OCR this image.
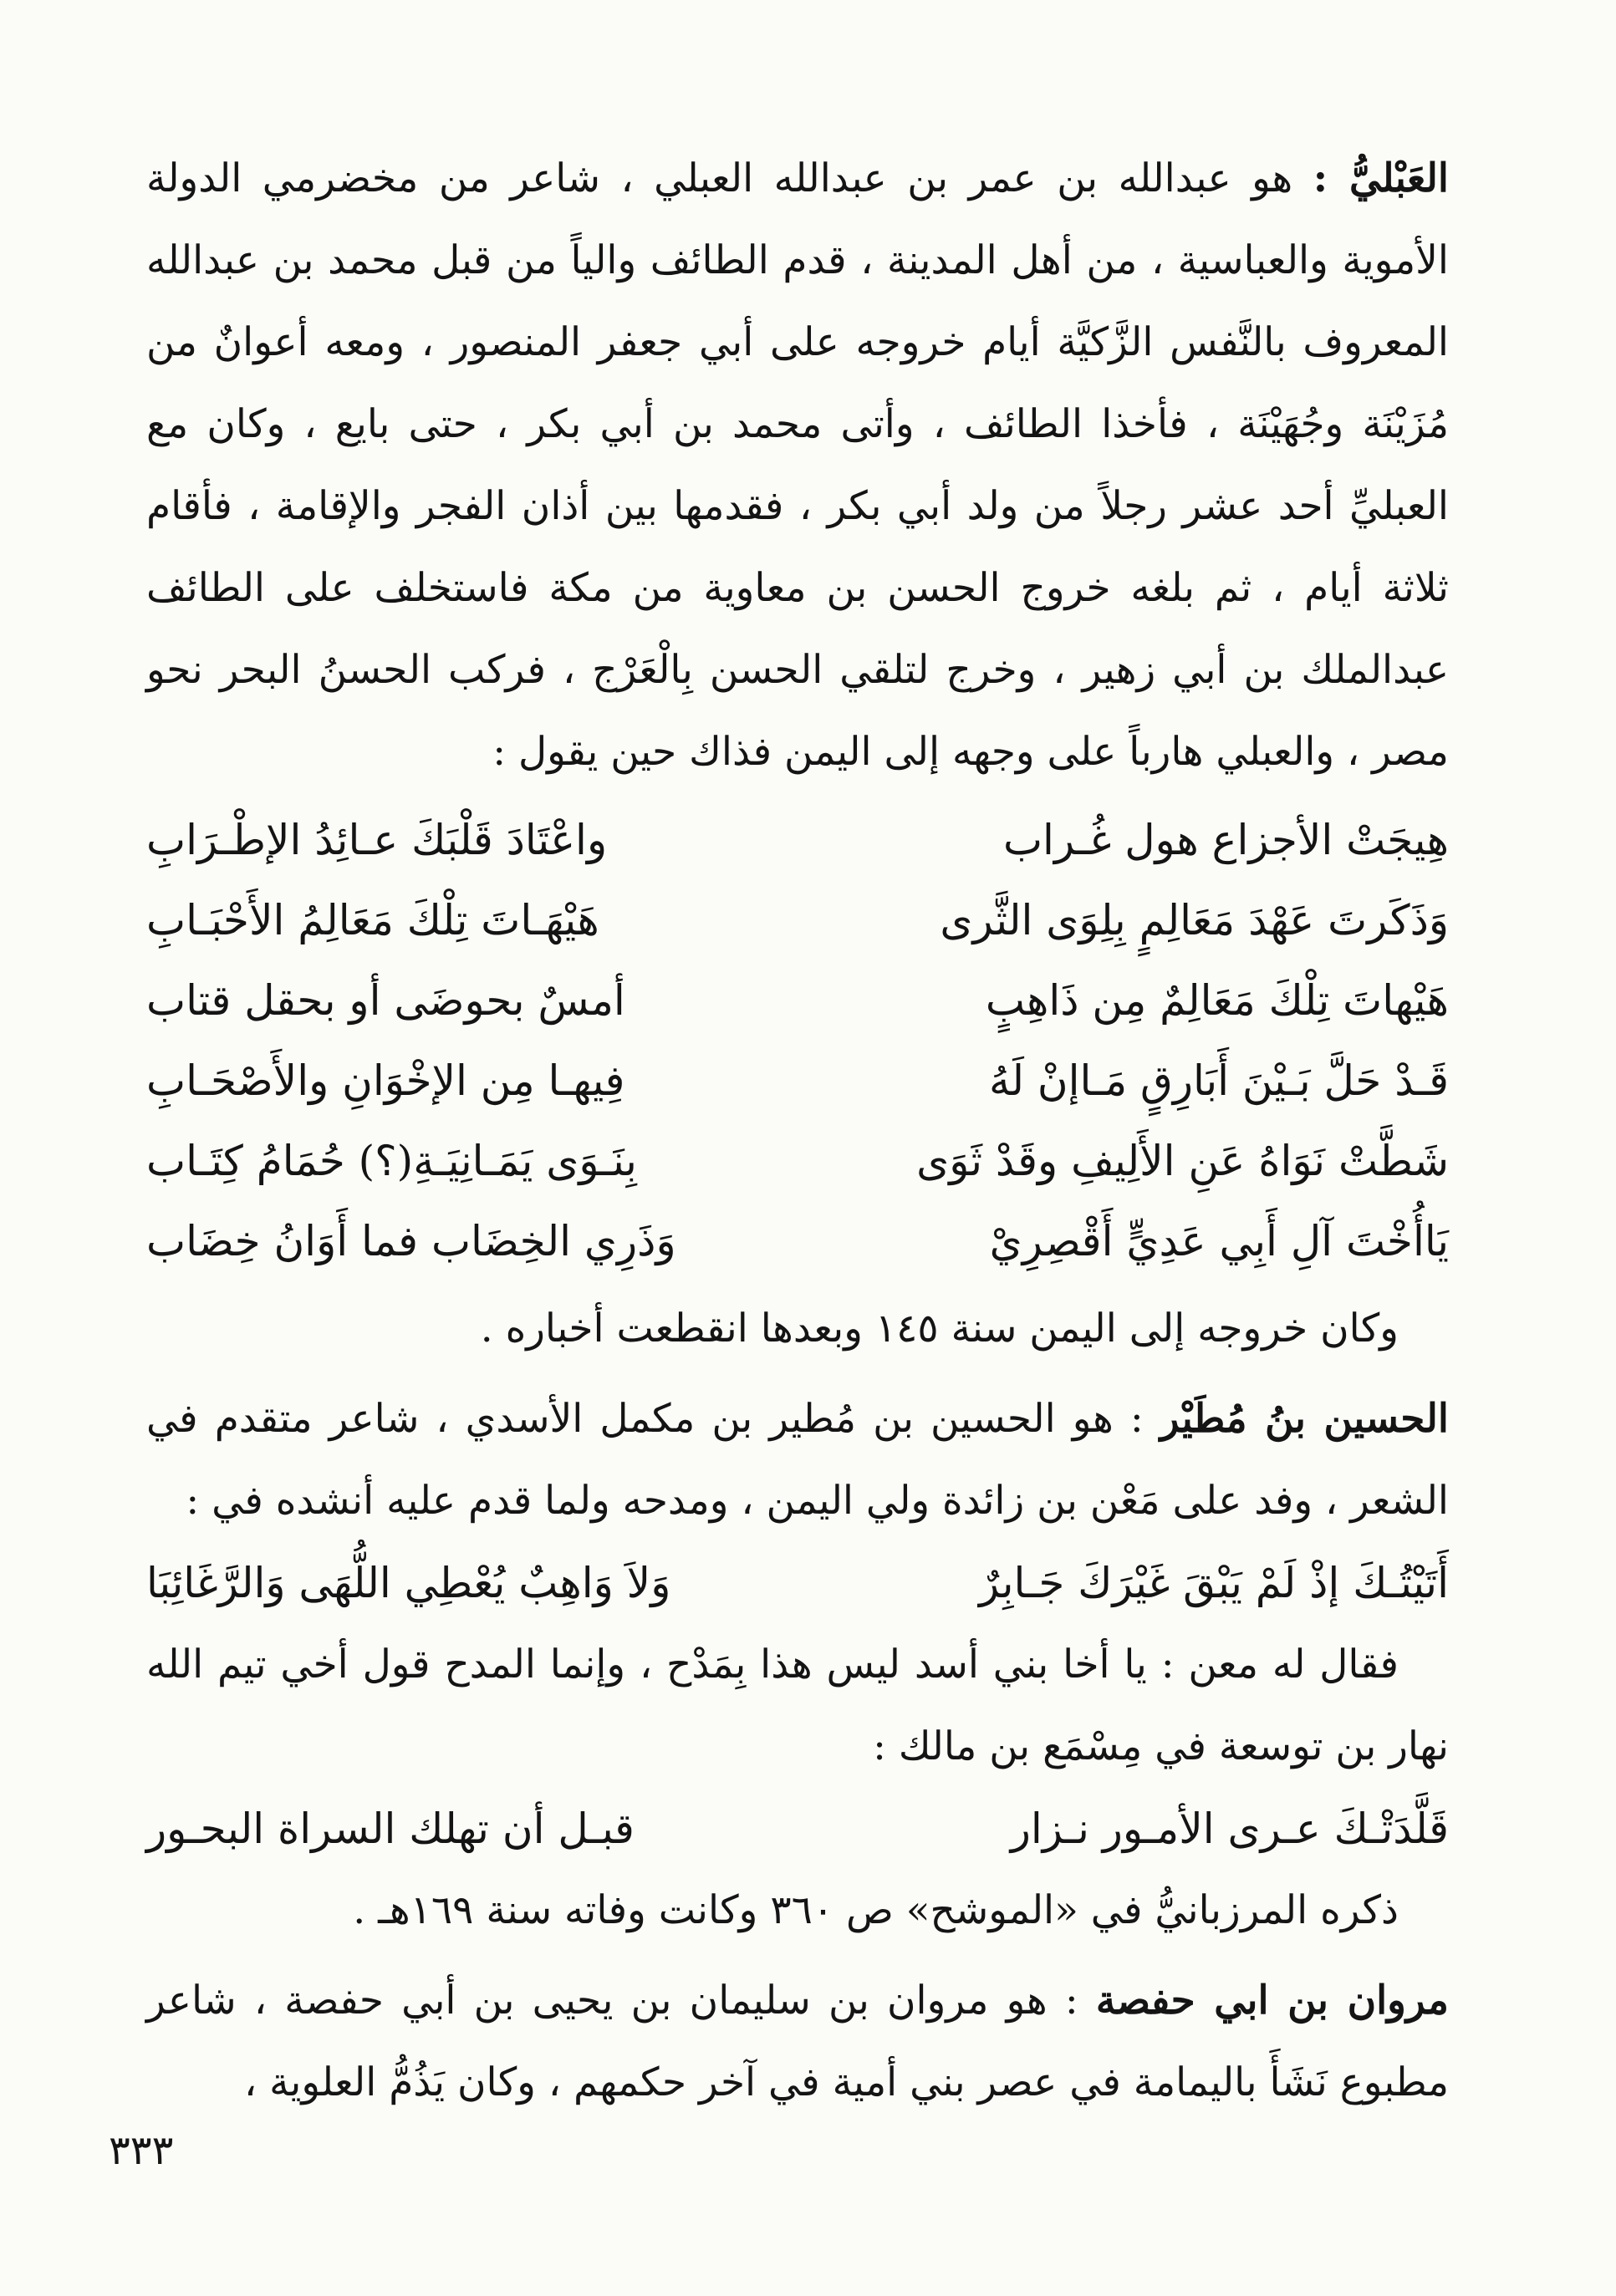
العَبْليُّ : هو عبدالله بن عمر بن عبدالله العبلي ، شاعر من مخضرمي الدولة الأموية والعباسية ، من أهل المدينة ، قدم الطائف والياً من قبل محمد بن عبدالله المعروف بالنَّفس الزَّكيَّة أيام خروجه على أبي جعفر المنصور ، ومعه أعوانٌ من مُزَيْنَة وجُهَيْنَة ، فأخذا الطائف ، وأتى محمد بن أبي بكر ، حتى بايع ، وكان مع العبليِّ أحد عشر رجلاً من ولد أبي بكر ، فقدمها بين أذان الفجر والإقامة ، فأقام ثلاثة أيام ، ثم بلغه خروج الحسن بن معاوية من مكة فاستخلف على الطائف عبدالملك بن أبي زهير ، وخرج لتلقي الحسن بِالْعَرْج ، فركب الحسنُ البحر نحو مصر ، والعبلي هارباً على وجهه إلى اليمن فذاك حين يقول :

هِيجَتْ الأجزاع هول غُـراب	واعْتَادَ قَلْبَكَ عـائِدُ الإطْـرَابِ
وَذَكَرتَ عَهْدَ مَعَالِمٍ بِلِوَى الثَّرى	هَيْهَـاتَ تِلْكَ مَعَالِمُ الأَحْبَـابِ
هَيْهاتَ تِلْكَ مَعَالِمٌ مِن ذَاهِبٍ	أمسٌ بحوضَى أو بحقل قتاب
قَـدْ حَلَّ بَـيْنَ أَبَارِقٍ مَـاإنْ لَهُ	فِيهـا مِن الإخْوَانِ والأَصْحَـابِ
شَطَّتْ نَوَاهُ عَنِ الأَلِيفِ وقَدْ ثَوَى	بِنَـوَى يَمَـانِيَـةِ(؟) حُمَامُ كِتَـاب
يَاأُخْتَ آلِ أَبِي عَدِيٍّ أَقْصِرِيْ	وَذَرِي الخِضَاب فما أَوَانُ خِضَاب

وكان خروجه إلى اليمن سنة ١٤٥ وبعدها انقطعت أخباره .

الحسين بنُ مُطَيْر : هو الحسين بن مُطير بن مكمل الأسدي ، شاعر متقدم في الشعر ، وفد على مَعْن بن زائدة ولي اليمن ، ومدحه ولما قدم عليه أنشده في :

أَتَيْتُـكَ إذْ لَمْ يَبْقَ غَيْرَكَ جَـابِرٌ
وَلاَ وَاهِبٌ يُعْطِي اللُّهَى وَالرَّغَائِبَا

فقال له معن : يا أخا بني أسد ليس هذا بِمَدْح ، وإنما المدح قول أخي تيم الله نهار بن توسعة في مِسْمَع بن مالك :

قَلَّدَتْـكَ عـرى الأمـور نـزار
قبـل أن تهلك السراة البحـور

ذكره المرزبانيُّ في «الموشح» ص ٣٦٠ وكانت وفاته سنة ١٦٩هـ .

مروان بن ابي حفصة : هو مروان بن سليمان بن يحيى بن أبي حفصة ، شاعر مطبوع نَشَأَ باليمامة في عصر بني أمية في آخر حكمهم ، وكان يَذُمُّ العلوية ،

٣٣٣
